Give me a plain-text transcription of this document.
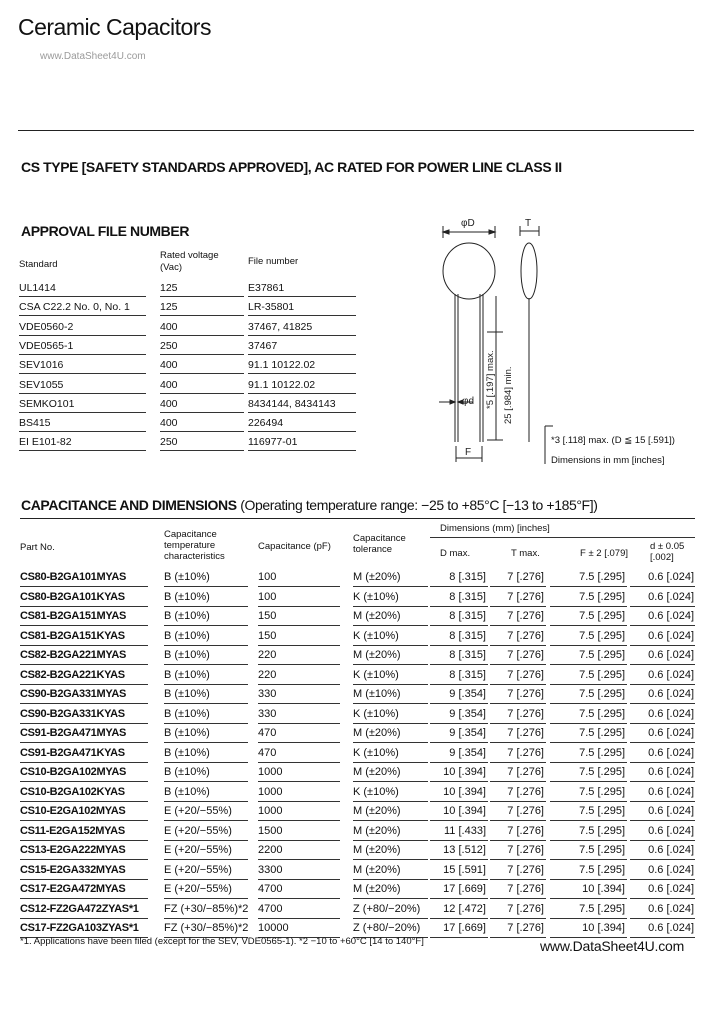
Ceramic Capacitors
www.DataSheet4U.com
CS TYPE [SAFETY STANDARDS APPROVED], AC RATED FOR POWER LINE CLASS II
APPROVAL FILE NUMBER
Standard
Rated voltage (Vac)
File number
UL1414	125	E37861
CSA C22.2 No. 0, No. 1	125	LR-35801
VDE0560-2	400	37467, 41825
VDE0565-1	250	37467
SEV1016	400	91.1 10122.02
SEV1055	400	91.1 10122.02
SEMKO101	400	8434144, 8434143
BS415	400	226494
EI E101-82	250	116977-01
φD	T
φd
F
*5 [.197] max. 25 [.984] min.
*3 [.118] max. (D ≦ 15 [.591])
Dimensions in mm [inches]
CAPACITANCE AND DIMENSIONS (Operating temperature range: −25 to +85°C [−13 to +185°F])
Part No.
Capacitance temperature characteristics
Capacitance (pF)
Capacitance tolerance
Dimensions (mm) [inches]
D max.	T max.	F ± 2 [.079]
d ± 0.05 [.002]
CS80-B2GA101MYAS	B (±10%)	100	M (±20%)	8 [.315]	7 [.276]	7.5 [.295]	0.6 [.024]
CS80-B2GA101KYAS	B (±10%)	100	K (±10%)	8 [.315]	7 [.276]	7.5 [.295]	0.6 [.024]
CS81-B2GA151MYAS	B (±10%)	150	M (±20%)	8 [.315]	7 [.276]	7.5 [.295]	0.6 [.024]
CS81-B2GA151KYAS	B (±10%)	150	K (±10%)	8 [.315]	7 [.276]	7.5 [.295]	0.6 [.024]
CS82-B2GA221MYAS	B (±10%)	220	M (±20%)	8 [.315]	7 [.276]	7.5 [.295]	0.6 [.024]
CS82-B2GA221KYAS	B (±10%)	220	K (±10%)	8 [.315]	7 [.276]	7.5 [.295]	0.6 [.024]
CS90-B2GA331MYAS	B (±10%)	330	M (±10%)	9 [.354]	7 [.276]	7.5 [.295]	0.6 [.024]
CS90-B2GA331KYAS	B (±10%)	330	K (±10%)	9 [.354]	7 [.276]	7.5 [.295]	0.6 [.024]
CS91-B2GA471MYAS	B (±10%)	470	M (±20%)	9 [.354]	7 [.276]	7.5 [.295]	0.6 [.024]
CS91-B2GA471KYAS	B (±10%)	470	K (±10%)	9 [.354]	7 [.276]	7.5 [.295]	0.6 [.024]
CS10-B2GA102MYAS	B (±10%)	1000	M (±20%)	10 [.394]	7 [.276]	7.5 [.295]	0.6 [.024]
CS10-B2GA102KYAS	B (±10%)	1000	K (±10%)	10 [.394]	7 [.276]	7.5 [.295]	0.6 [.024]
CS10-E2GA102MYAS	E (+20/−55%) 1000	M (±20%)	10 [.394]	7 [.276]	7.5 [.295]	0.6 [.024]
CS11-E2GA152MYAS	E (+20/−55%) 1500	M (±20%)	11 [.433]	7 [.276]	7.5 [.295]	0.6 [.024]
CS13-E2GA222MYAS	E (+20/−55%) 2200	M (±20%)	13 [.512]	7 [.276]	7.5 [.295]	0.6 [.024]
CS15-E2GA332MYAS	E (+20/−55%) 3300	M (±20%)	15 [.591]	7 [.276]	7.5 [.295]	0.6 [.024]
CS17-E2GA472MYAS	E (+20/−55%) 4700	M (±20%)	17 [.669]	7 [.276]	10 [.394]	0.6 [.024]
CS12-FZ2GA472ZYAS*1 FZ (+30/−85%)*2 4700	Z (+80/−20%)	12 [.472]	7 [.276]	7.5 [.295]	0.6 [.024]
CS17-FZ2GA103ZYAS*1 FZ (+30/−85%)*2 10000	Z (+80/−20%)	17 [.669]	7 [.276]	10 [.394]	0.6 [.024]
*1. Applications have been filed (except for the SEV, VDE0565-1). *2 −10 to +60°C [14 to 140°F]	www.DataSheet4U.com
